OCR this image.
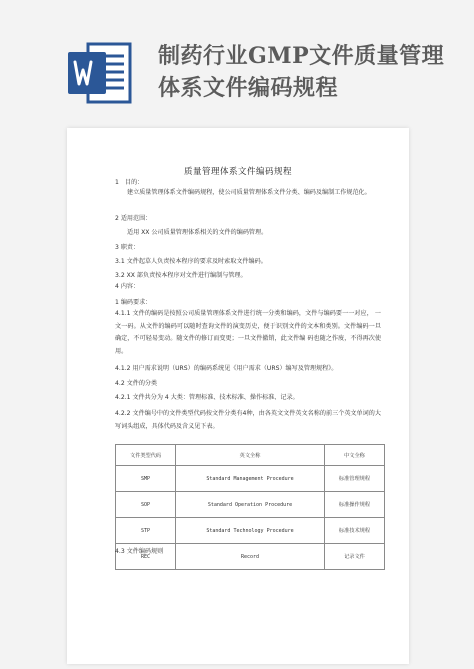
制药行业GMP文件质量管理
体系文件编码规程
质量管理体系文件编码规程
1　目的：
建立质量管理体系文件编码规程，使公司质量管理体系文件分类、编码及编制工作规范化。
2 适用范围：
适用 XX 公司质量管理体系相关的文件的编码管理。
3 职责：
3.1 文件起草人负责按本程序的要求及时索取文件编码。
3.2 XX 部负责按本程序对文件进行编制与管理。
4 内容：
1 编码要求：
4.1.1 文件的编码是按照公司质量管理体系文件进行统一分类和编码，文件与编码要一一对应， 一文一码。从文件的编码可以随时查询文件的演变历史，便于识别文件的文本和类别。文件编码一旦确定，不可轻易变动。随文件的修订而变更；一旦文件撤销，此文件编 码也随之作废，不得再次使用。
4.1.2 用户需求说明（URS）的编码系统见《用户需求（URS）编写及管理规程》。
4.2 文件的分类
4.2.1 文件共分为 4 大类：管理标准、技术标准、操作标准、记录。
4.2.2 文件编号中的文件类型代码按文件分类有4种，由各英文文件英文名称的前三个英文单词的大写词头组成，具体代码及含义见下表。
文件类型代码	英文全称	中文全称
SMP	Standard Management Procedure	标准管理规程
SOP	Standard Operation Procedure	标准操作规程
STP	Standard Technology Procedure	标准技术规程
REC	Record	记录文件
4.3 文件编码规则
